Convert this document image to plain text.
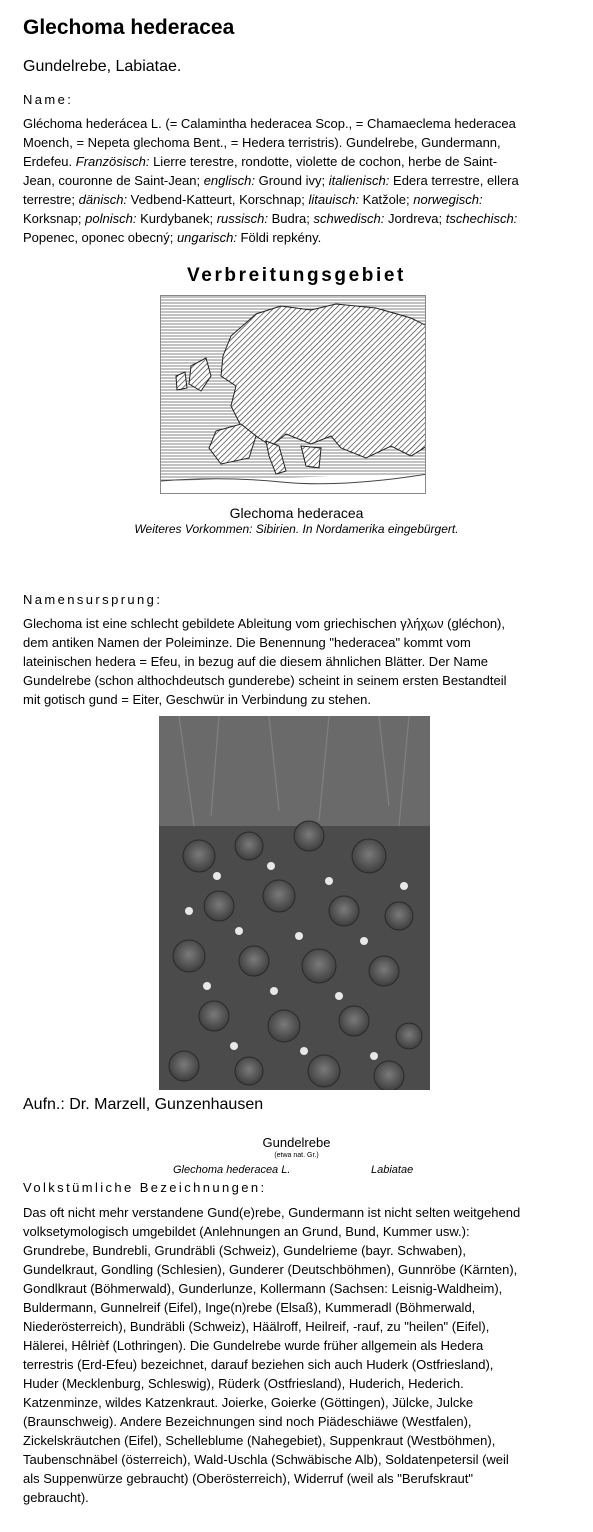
Glechoma hederacea
Gundelrebe, Labiatae.
Name:
Gléchoma hederácea L. (= Calamintha hederacea Scop., = Chamaeclema hederacea
Moench, = Nepeta glechoma Bent., = Hedera terristris). Gundelrebe, Gundermann,
Erdefeu. Französisch: Lierre terestre, rondotte, violette de cochon, herbe de Saint-
Jean, couronne de Saint-Jean; englisch: Ground ivy; italienisch: Edera terrestre, ellera
terrestre; dänisch: Vedbend-Katteurt, Korschnap; litauisch: Katžole; norwegisch:
Korksnap; polnisch: Kurdybanek; russisch: Budra; schwedisch: Jordreva; tschechisch:
Popenec, oponec obecný; ungarisch: Földi repkény.
Verbreitungsgebiet
Glechoma hederacea
Weiteres Vorkommen: Sibirien. In Nordamerika eingebürgert.
Namensursprung:
Glechoma ist eine schlecht gebildete Ableitung vom griechischen γλήχων (gléchon),
dem antiken Namen der Poleiminze. Die Benennung "hederacea" kommt vom
lateinischen hedera = Efeu, in bezug auf die diesem ähnlichen Blätter. Der Name
Gundelrebe (schon althochdeutsch gunderebe) scheint in seinem ersten Bestandteil
mit gotisch gund = Eiter, Geschwür in Verbindung zu stehen.
Aufn.: Dr. Marzell, Gunzenhausen
Gundelrebe
(etwa nat. Gr.)
Glechoma hederacea L.	Labiatae
Volkstümliche Bezeichnungen:
Das oft nicht mehr verstandene Gund(e)rebe, Gundermann ist nicht selten weitgehend
volksetymologisch umgebildet (Anlehnungen an Grund, Bund, Kummer usw.):
Grundrebe, Bundrebli, Grundräbli (Schweiz), Gundelrieme (bayr. Schwaben),
Gundelkraut, Gondling (Schlesien), Gunderer (Deutschböhmen), Gunnröbe (Kärnten),
Gondlkraut (Böhmerwald), Gunderlunze, Kollermann (Sachsen: Leisnig-Waldheim),
Buldermann, Gunnelreif (Eifel), Inge(n)rebe (Elsaß), Kummeradl (Böhmerwald,
Niederösterreich), Bundräbli (Schweiz), Häälroff, Heilreif, -rauf, zu "heilen" (Eifel),
Hälerei, Hêlrièf (Lothringen). Die Gundelrebe wurde früher allgemein als Hedera
terrestris (Erd-Efeu) bezeichnet, darauf beziehen sich auch Huderk (Ostfriesland),
Huder (Mecklenburg, Schleswig), Rüderk (Ostfriesland), Huderich, Hederich.
Katzenminze, wildes Katzenkraut. Joierke, Goierke (Göttingen), Jülcke, Julcke
(Braunschweig). Andere Bezeichnungen sind noch Piädeschiäwe (Westfalen),
Zickelskräutchen (Eifel), Schelleblume (Nahegebiet), Suppenkraut (Westböhmen),
Taubenschnäbel (österreich), Wald-Uschla (Schwäbische Alb), Soldatenpetersil (weil
als Suppenwürze gebraucht) (Oberösterreich), Widerruf (weil als "Berufskraut"
gebraucht).
